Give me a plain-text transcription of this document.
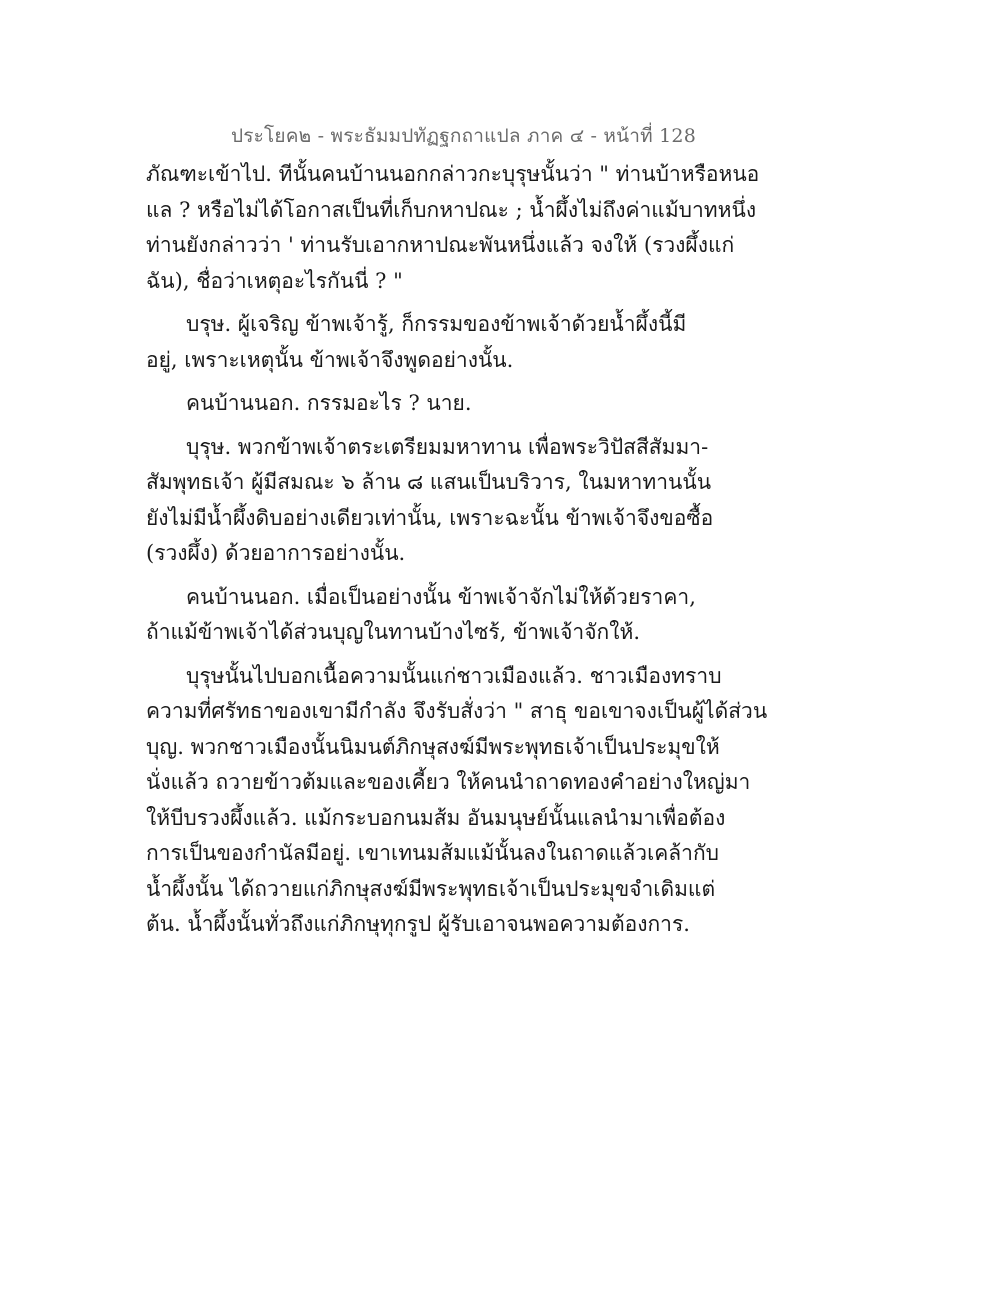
ประโยค๒ - พระธัมมปทัฏฐกถาแปล ภาค ๔ - หน้าที่ 128
ภัณฑะเข้าไป. ทีนั้นคนบ้านนอกกล่าวกะบุรุษนั้นว่า " ท่านบ้าหรือหนอ
แล ? หรือไม่ได้โอกาสเป็นที่เก็บกหาปณะ ; น้ำผึ้งไม่ถึงค่าแม้บาทหนึ่ง
ท่านยังกล่าวว่า ' ท่านรับเอากหาปณะพันหนึ่งแล้ว จงให้ (รวงผึ้งแก่
ฉัน), ชื่อว่าเหตุอะไรกันนี่ ? "
บรุษ. ผู้เจริญ ข้าพเจ้ารู้, ก็กรรมของข้าพเจ้าด้วยน้ำผึ้งนี้มี
อยู่, เพราะเหตุนั้น ข้าพเจ้าจึงพูดอย่างนั้น.
คนบ้านนอก. กรรมอะไร ? นาย.
บุรุษ. พวกข้าพเจ้าตระเตรียมมหาทาน เพื่อพระวิปัสสีสัมมา-
สัมพุทธเจ้า ผู้มีสมณะ ๖ ล้าน ๘ แสนเป็นบริวาร, ในมหาทานนั้น
ยังไม่มีน้ำผึ้งดิบอย่างเดียวเท่านั้น, เพราะฉะนั้น ข้าพเจ้าจึงขอซื้อ
(รวงผึ้ง) ด้วยอาการอย่างนั้น.
คนบ้านนอก. เมื่อเป็นอย่างนั้น ข้าพเจ้าจักไม่ให้ด้วยราคา,
ถ้าแม้ข้าพเจ้าได้ส่วนบุญในทานบ้างไซร้, ข้าพเจ้าจักให้.
บุรุษนั้นไปบอกเนื้อความนั้นแก่ชาวเมืองแล้ว. ชาวเมืองทราบ
ความที่ศรัทธาของเขามีกำลัง จึงรับสั่งว่า " สาธุ ขอเขาจงเป็นผู้ได้ส่วน
บุญ. พวกชาวเมืองนั้นนิมนต์ภิกษุสงฆ์มีพระพุทธเจ้าเป็นประมุขให้
นั่งแล้ว ถวายข้าวต้มและของเคี้ยว ให้คนนำถาดทองคำอย่างใหญ่มา
ให้บีบรวงผึ้งแล้ว. แม้กระบอกนมส้ม อันมนุษย์นั้นแลนำมาเพื่อต้อง
การเป็นของกำนัลมีอยู่. เขาเทนมส้มแม้นั้นลงในถาดแล้วเคล้ากับ
น้ำผึ้งนั้น ได้ถวายแก่ภิกษุสงฆ์มีพระพุทธเจ้าเป็นประมุขจำเดิมแต่
ต้น. น้ำผึ้งนั้นทั่วถึงแก่ภิกษุทุกรูป ผู้รับเอาจนพอความต้องการ.
